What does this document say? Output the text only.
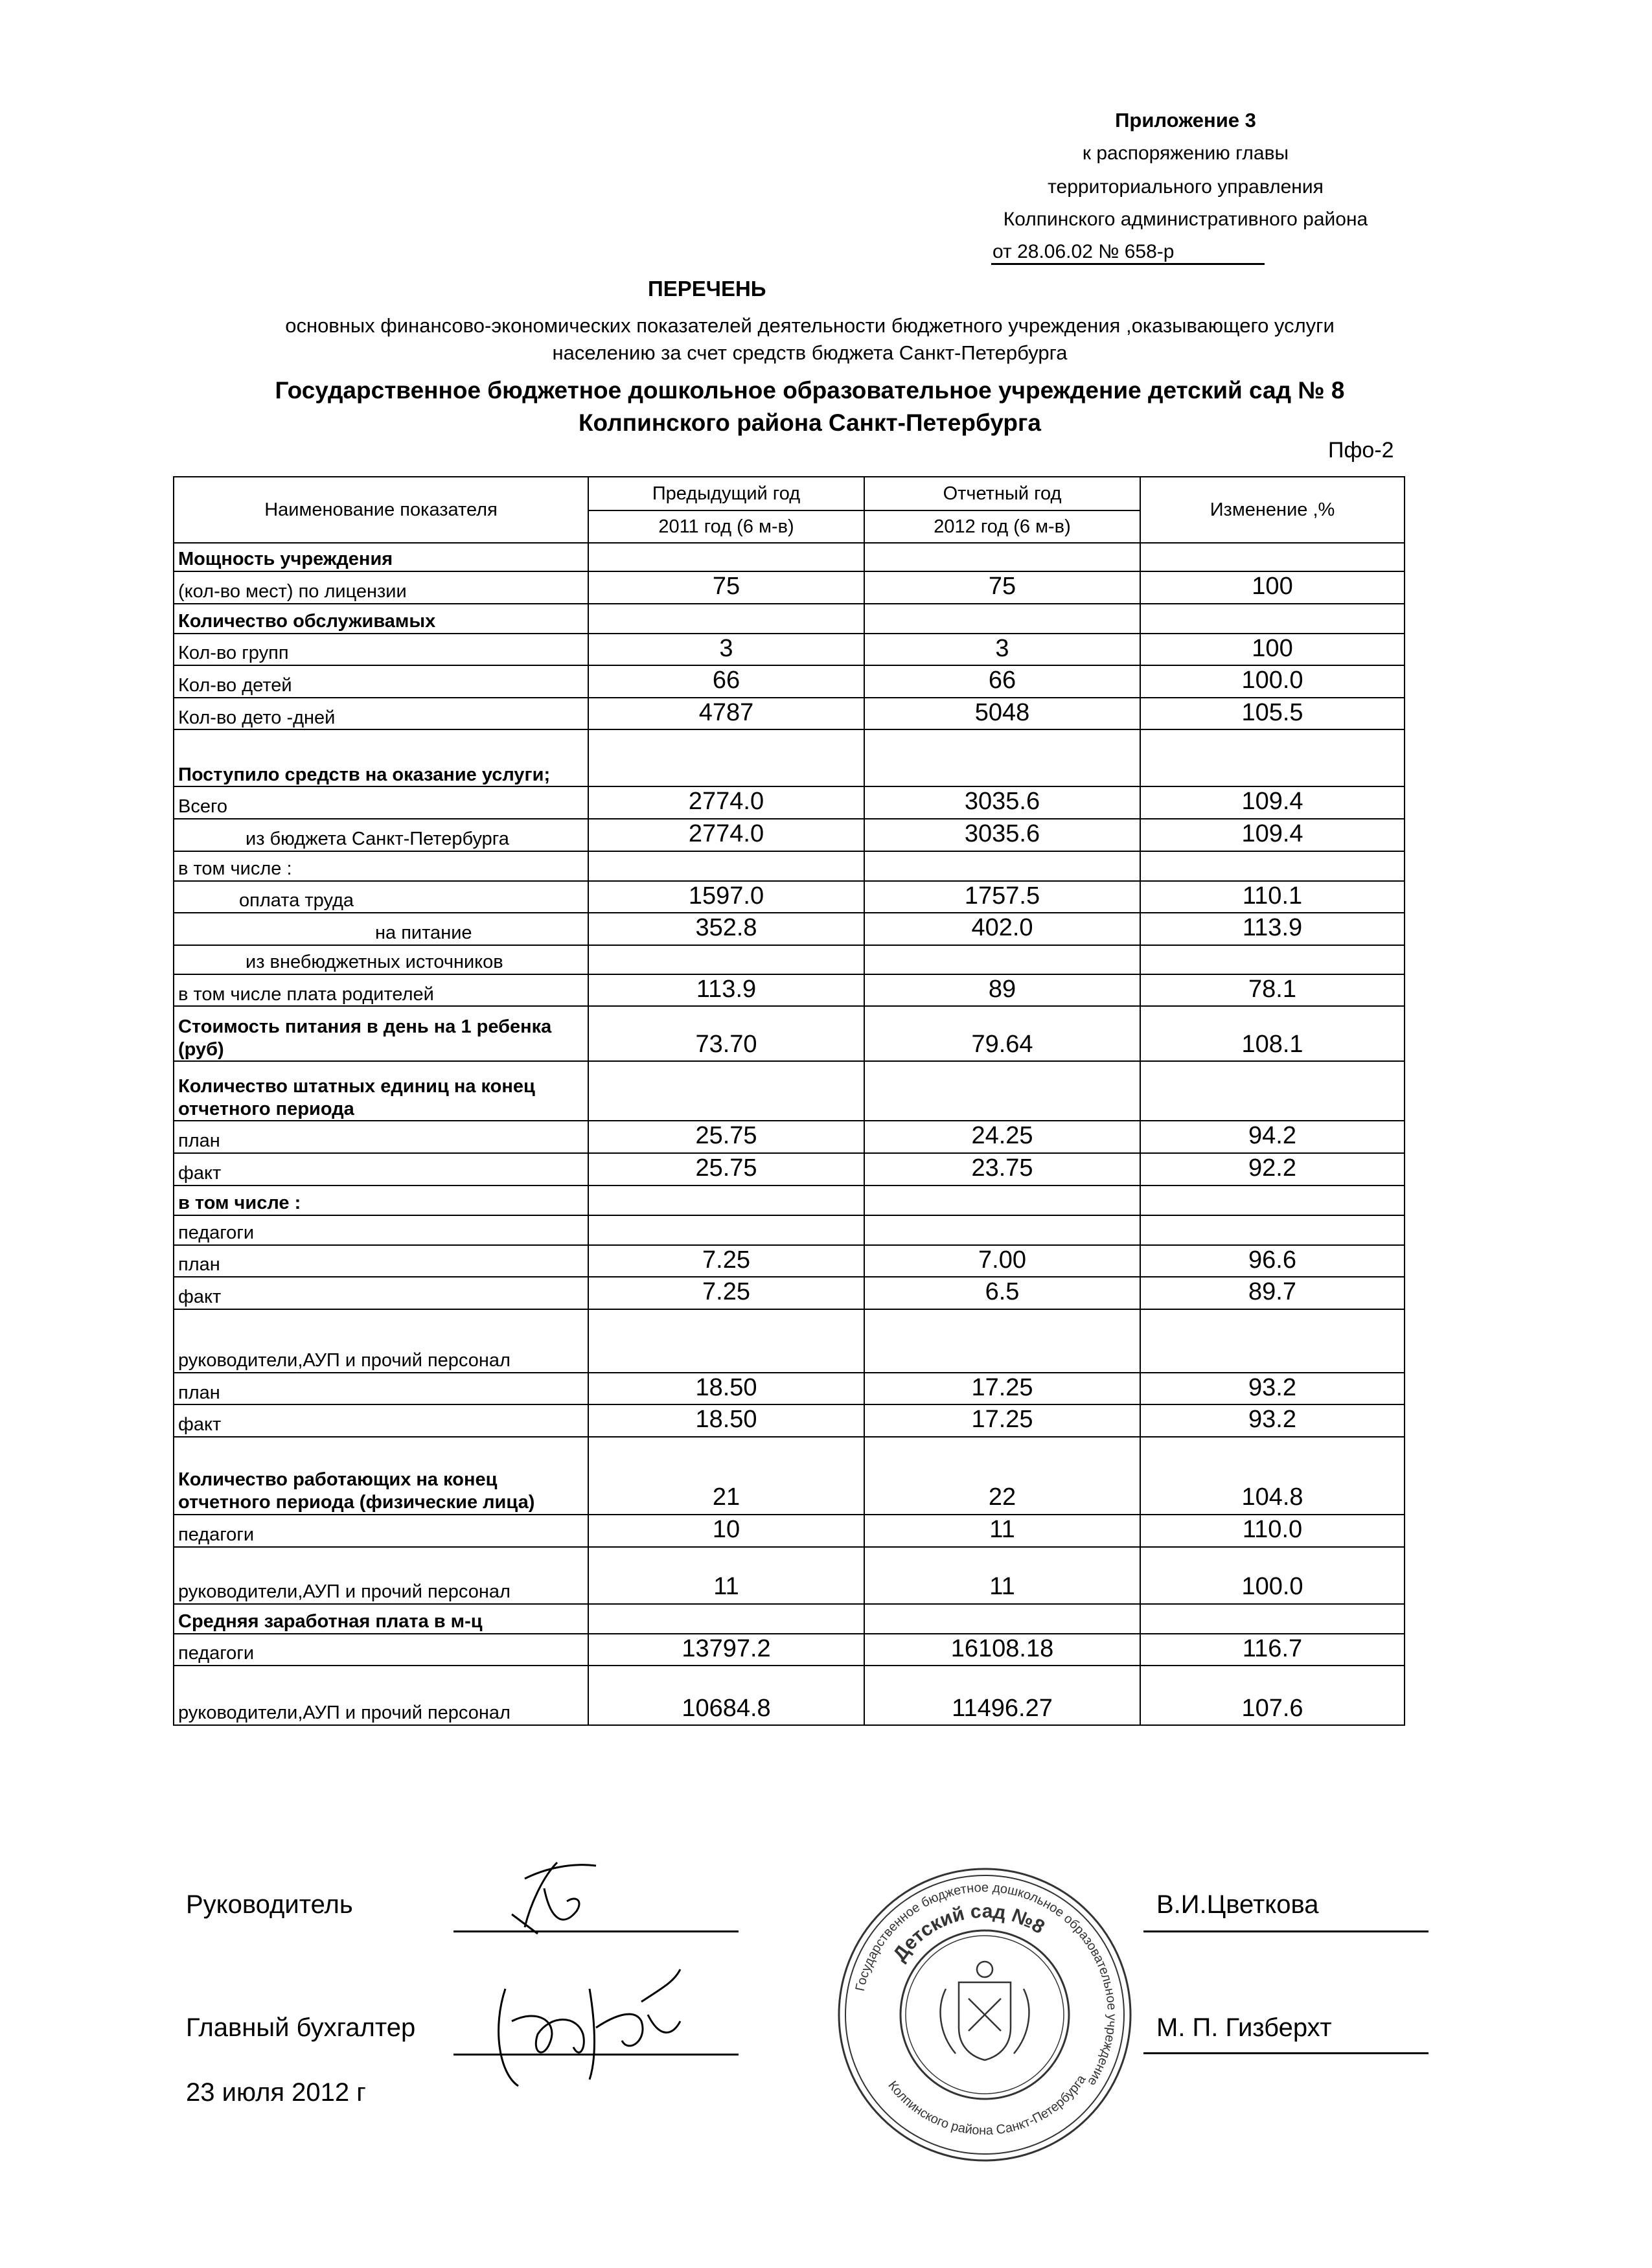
Приложение 3
к распоряжению главы
территориального управления
Колпинского административного района
от 28.06.02 № 658-р
ПЕРЕЧЕНЬ
основных финансово-экономических показателей деятельности бюджетного учреждения ,оказывающего услуги
населению за счет средств бюджета Санкт-Петербурга
Государственное бюджетное дошкольное образовательное учреждение детский сад № 8
Колпинского района Санкт-Петербурга
Пфо-2
Наименование показателя	Предыдущий год	Отчетный год	Изменение ,%
	2011 год (6 м-в)	2012 год (6 м-в)	
Мощность учреждения			
(кол-во мест) по лицензии	75	75	100
Количество обслуживамых			
Кол-во групп	3	3	100
Кол-во детей	66	66	100.0
Кол-во дето -дней	4787	5048	105.5
Поступило средств на оказание услуги;			
Всего	2774.0	3035.6	109.4
из бюджета Санкт-Петербурга	2774.0	3035.6	109.4
в том числе :			
оплата труда	1597.0	1757.5	110.1
на питание	352.8	402.0	113.9
из внебюджетных источников			
в том числе плата родителей	113.9	89	78.1
Стоимость питания в день на 1 ребенка (руб)	73.70	79.64	108.1
Количество штатных единиц на конец отчетного периода			
план	25.75	24.25	94.2
факт	25.75	23.75	92.2
в том числе :			
педагоги			
план	7.25	7.00	96.6
факт	7.25	6.5	89.7
руководители,АУП и прочий персонал			
план	18.50	17.25	93.2
факт	18.50	17.25	93.2
Количество работающих на конец отчетного периода (физические лица)	21	22	104.8
педагоги	10	11	110.0
руководители,АУП и прочий персонал	11	11	100.0
Средняя заработная плата в м-ц			
педагоги	13797.2	16108.18	116.7
руководители,АУП и прочий персонал	10684.8	11496.27	107.6
Руководитель	В.И.Цветкова
Главный бухгалтер	М. П. Гизберхт
23 июля 2012 г
Государственное бюджетное дошкольное образовательное учреждение
Детский сад №8
Колпинского района Санкт-Петербурга
